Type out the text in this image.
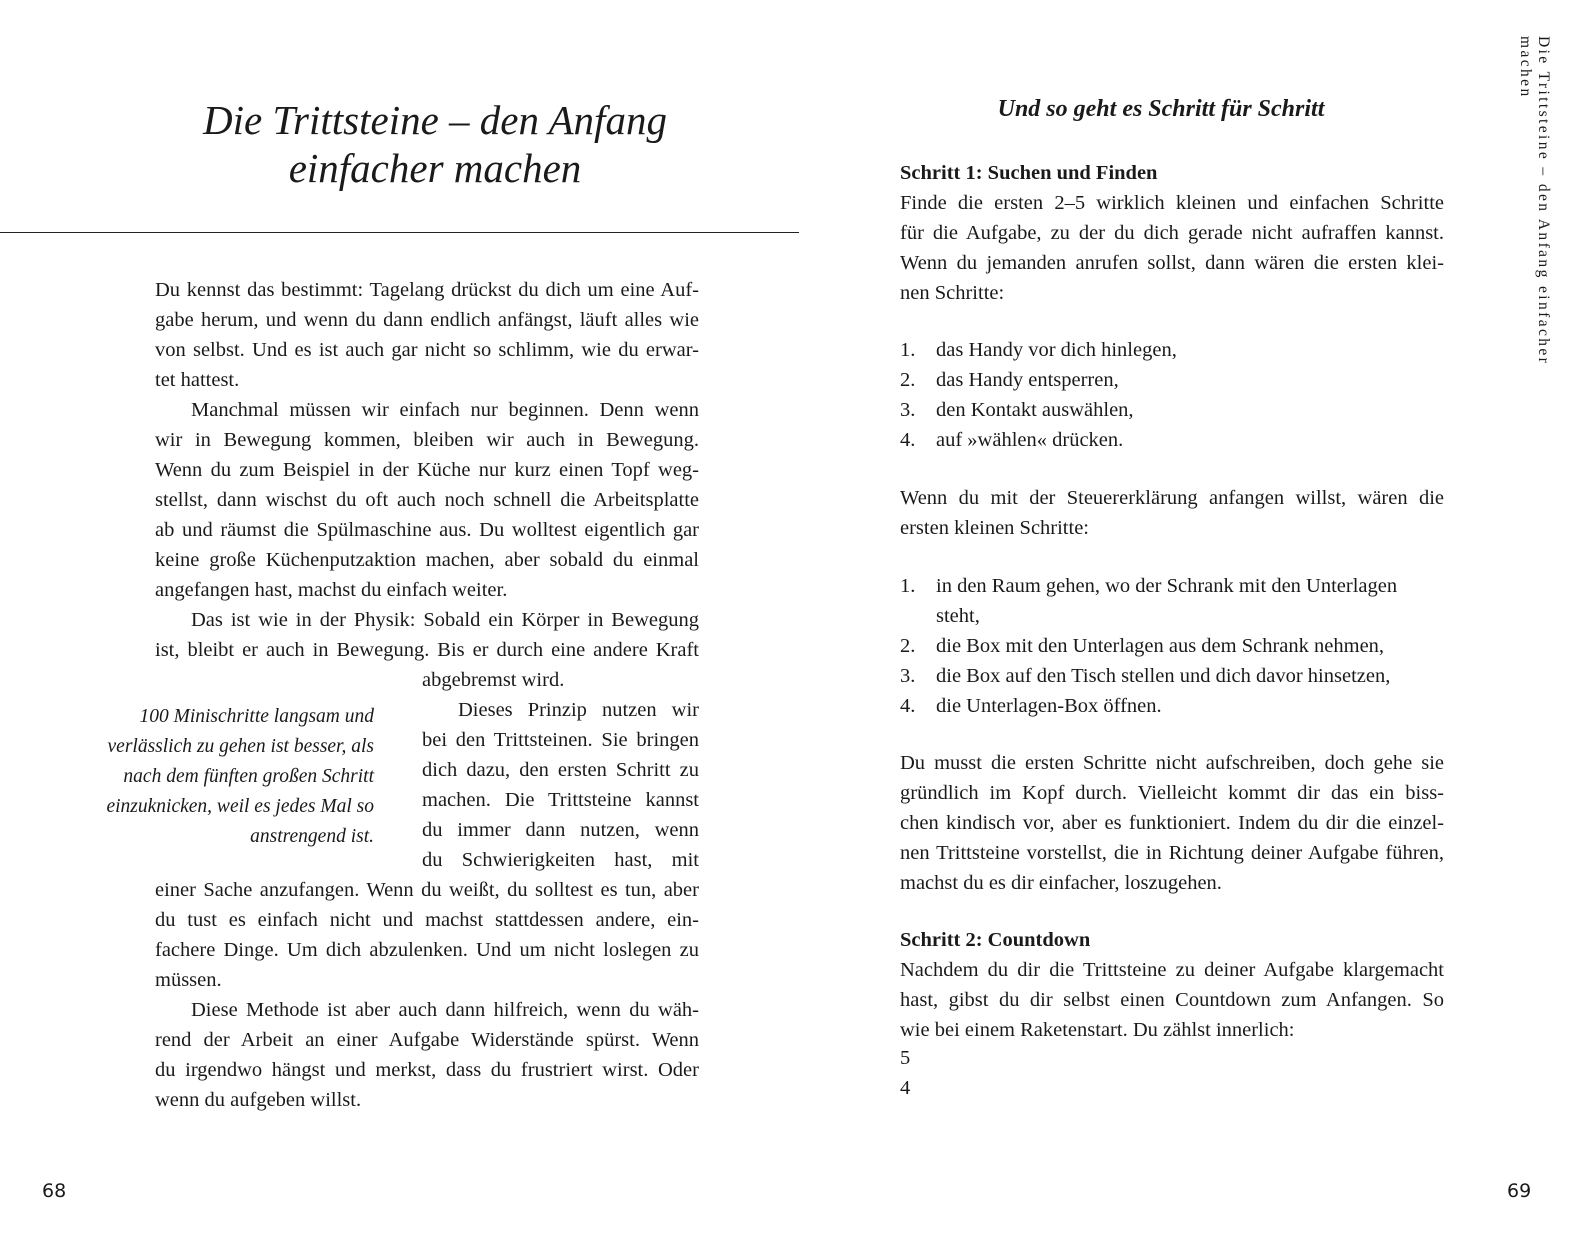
Die Trittsteine – den Anfang
einfacher machen
Du kennst das bestimmt: Tagelang drückst du dich um eine Auf-
gabe herum, und wenn du dann endlich anfängst, läuft alles wie
von selbst. Und es ist auch gar nicht so schlimm, wie du erwar-
tet hattest.
Manchmal müssen wir einfach nur beginnen. Denn wenn
wir in Bewegung kommen, bleiben wir auch in Bewegung.
Wenn du zum Beispiel in der Küche nur kurz einen Topf weg-
stellst, dann wischst du oft auch noch schnell die Arbeitsplatte
ab und räumst die Spülmaschine aus. Du wolltest eigentlich gar
keine große Küchenputzaktion machen, aber sobald du einmal
angefangen hast, machst du einfach weiter.
Das ist wie in der Physik: Sobald ein Körper in Bewegung
ist, bleibt er auch in Bewegung. Bis er durch eine andere Kraft
abgebremst wird.
100 Minischritte langsam und
verlässlich zu gehen ist besser, als
nach dem fünften großen Schritt
einzuknicken, weil es jedes Mal so
anstrengend ist.
Dieses Prinzip nutzen wir
bei den Trittsteinen. Sie bringen
dich dazu, den ersten Schritt zu
machen. Die Trittsteine kannst
du immer dann nutzen, wenn
du Schwierigkeiten hast, mit
einer Sache anzufangen. Wenn du weißt, du solltest es tun, aber
du tust es einfach nicht und machst stattdessen andere, ein-
fachere Dinge. Um dich abzulenken. Und um nicht loslegen zu
müssen.
Diese Methode ist aber auch dann hilfreich, wenn du wäh-
rend der Arbeit an einer Aufgabe Widerstände spürst. Wenn
du irgendwo hängst und merkst, dass du frustriert wirst. Oder
wenn du aufgeben willst.

68

Und so geht es Schritt für Schritt
Schritt 1: Suchen und Finden
Finde die ersten 2–5 wirklich kleinen und einfachen Schritte
für die Aufgabe, zu der du dich gerade nicht aufraffen kannst.
Wenn du jemanden anrufen sollst, dann wären die ersten klei-
nen Schritte:
1. das Handy vor dich hinlegen,
2. das Handy entsperren,
3. den Kontakt auswählen,
4. auf »wählen« drücken.
Wenn du mit der Steuererklärung anfangen willst, wären die
ersten kleinen Schritte:
1. in den Raum gehen, wo der Schrank mit den Unterlagen
steht,
2. die Box mit den Unterlagen aus dem Schrank nehmen,
3. die Box auf den Tisch stellen und dich davor hinsetzen,
4. die Unterlagen-Box öffnen.
Du musst die ersten Schritte nicht aufschreiben, doch gehe sie
gründlich im Kopf durch. Vielleicht kommt dir das ein biss-
chen kindisch vor, aber es funktioniert. Indem du dir die einzel-
nen Trittsteine vorstellst, die in Richtung deiner Aufgabe führen,
machst du es dir einfacher, loszugehen.
Schritt 2: Countdown
Nachdem du dir die Trittsteine zu deiner Aufgabe klargemacht
hast, gibst du dir selbst einen Countdown zum Anfangen. So
wie bei einem Raketenstart. Du zählst innerlich:
5
4

69

Die Trittsteine – den Anfang einfacher machen
